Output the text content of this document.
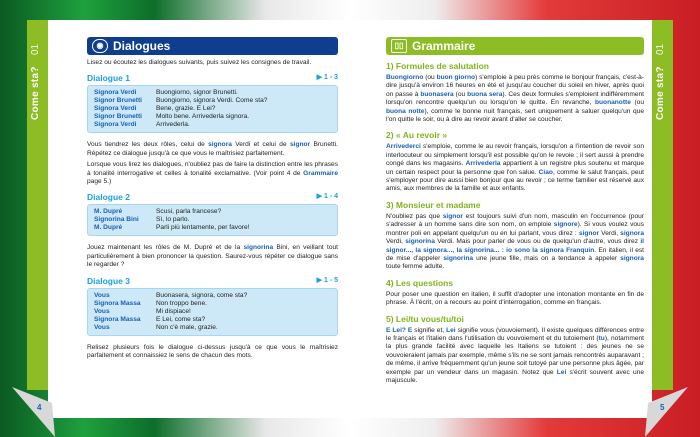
Come sta?
01
Come sta?
01
4	5
◉ Dialogues

Lisez ou écoutez les dialogues suivants, puis suivez les consignes de travail.

Dialogue 1	▶ 1 - 3
Signora Verdi	Buongiorno, signor Brunetti.
Signor Brunetti	Buongiorno, signora Verdi. Come sta?
Signora Verdi	Bene, grazie. E Lei?
Signor Brunetti	Molto bene. Arrivederla signora.
Signora Verdi	Arrivederla.

Vous tiendrez les deux rôles, celui de signora Verdi et celui de signor Brunetti. Répétez ce dialogue jusqu'à ce que vous le maîtrisiez parfaitement.

Lorsque vous lirez les dialogues, n'oubliez pas de faire la distinction entre les phrases à tonalité interrogative et celles à tonalité exclamative. (Voir point 4 de Grammaire page 5.)

Dialogue 2	▶ 1 - 4
M. Dupré	Scusi, parla francese?
Signorina Bini	Sì, lo parlo.
M. Dupré	Parli più lentamente, per favore!

Jouez maintenant les rôles de M. Dupré et de la signorina Bini, en veillant tout particulièrement à bien prononcer la question. Saurez-vous répéter ce dialogue sans le regarder ?

Dialogue 3	▶ 1 - 5
Vous	Buonasera, signora, come sta?
Signora Massa	Non troppo bene.
Vous	Mi dispiace!
Signora Massa	E Lei, come sta?
Vous	Non c'è male, grazie.

Relisez plusieurs fois le dialogue ci-dessus jusqu'à ce que vous le maîtrisiez parfaitement et connaissiez le sens de chacun des mots.

▯▯ Grammaire
1) Formules de salutation

Buongiorno (ou buon giorno) s'emploie à peu près comme le bonjour français, c'est-à-dire jusqu'à environ 16 heures en été et jusqu'au coucher du soleil en hiver, après quoi on passe à buonasera (ou buona sera). Ces deux formules s'emploient indifféremment lorsqu'on rencontre quelqu'un ou lorsqu'on le quitte. En revanche, buonanotte (ou buona notte), comme le bonne nuit français, sert uniquement à saluer quelqu'un que l'on quitte le soir, ou à dire au revoir avant d'aller se coucher.

2) « Au revoir »

Arrivederci s'emploie, comme le au revoir français, lorsqu'on a l'intention de revoir son interlocuteur ou simplement lorsqu'il est possible qu'on le revoie ; il sert aussi à prendre congé dans les magasins. Arrivederla appartient à un registre plus soutenu et marque un certain respect pour la personne que l'on salue. Ciao, comme le salut français, peut s'employer pour dire aussi bien bonjour que au revoir ; ce terme familier est réservé aux amis, aux membres de la famille et aux enfants.

3) Monsieur et madame

N'oubliez pas que signor est toujours suivi d'un nom, masculin en l'occurrence (pour s'adresser à un homme sans dire son nom, on emploie signore). Si vous voulez vous montrer poli en appelant quelqu'un ou en lui parlant, vous direz : signor Verdi, signora Verdi, signorina Verdi. Mais pour parler de vous ou de quelqu'un d'autre, vous direz il signor..., la signora..., la signorina... : io sono la signora Franquin. En italien, il est de mise d'appeler signorina une jeune fille, mais on a tendance à appeler signora toute femme adulte.

4) Les questions

Pour poser une question en italien, il suffit d'adopter une intonation montante en fin de phrase. À l'écrit, on a recours au point d'interrogation, comme en français.

5) Lei/tu vous/tu/toi

E Lei? E signifie et, Lei signifie vous (vouvoiement). Il existe quelques différences entre le français et l'italien dans l'utilisation du vouvoiement et du tutoiement (tu), notamment la plus grande facilité avec laquelle les Italiens se tutoient : des jeunes ne se vouvoieraient jamais par exemple, même s'ils ne se sont jamais rencontrés auparavant ; de même, il arrive fréquemment qu'un jeune soit tutoyé par une personne plus âgée, par exemple par un vendeur dans un magasin. Notez que Lei s'écrit souvent avec une majuscule.
